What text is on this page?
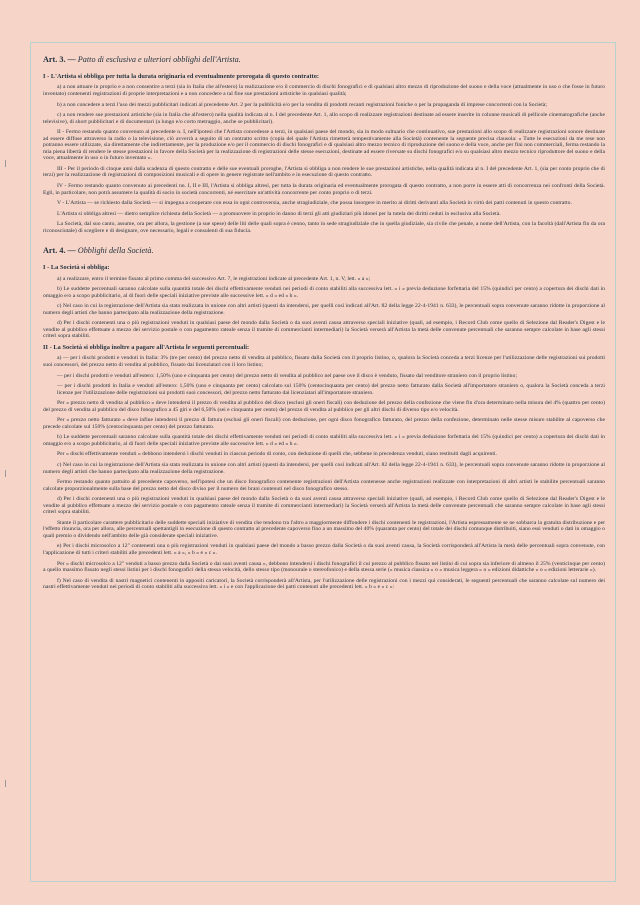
Art. 3. — Patto di esclusiva e ulteriori obblighi dell'Artista.
I - L'Artista si obbliga per tutta la durata originaria ed eventualmente prorogata di questo contratto:

a) a non attuare in proprio e a non consentire a terzi (sia in Italia che all'estero) la realizzazione e/o il commercio di dischi fonografici e di qualsiasi altro mezzo di riproduzione del suono e della voce (attualmente in uso o che fosse in futuro inventato) contenenti registrazioni di proprie interpretazioni e a non concedere a tal fine sue prestazioni artistiche in qualsiasi qualità;

b) a non concedere a terzi l'uso dei mezzi pubblicitari indicati al precedente Art. 2 per la pubblicità e/o per la vendita di prodotti recanti registrazioni foniche o per la propaganda di imprese concorrenti con la Società;

c) a non rendere sue prestazioni artistiche (sia in Italia che all'estero) nella qualità indicata al n. I del precedente Art. 1, allo scopo di realizzare registrazioni destinate ad essere inserite in colonne musicali di pellicole cinematografiche (anche televisive), di short pubblicitari e di documentari (a lungo e/o corto metraggio, anche se pubblicitari).

II - Fermo restando quanto convenuto al precedente n. I, nell'ipotesi che l'Artista concedesse a terzi, in qualsiasi paese del mondo, sia in modo sultuario che continuativo, sue prestazioni allo scopo di realizzare registrazioni sonore destinate ad essere diffuse attraverso la radio o la televisione, ciò avverrà a seguito di un contratto scritto (copia del quale l'Artista rimetterà tempestivamente alla Società) contenente la seguente precisa clausola: « Tutte le esecuzioni da me rese non potranno essere utilizzate, sia direttamente che indirettamente, per la produzione e/o per il commercio di dischi fonografici e di qualsiasi altro mezzo tecnico di riproduzione del suono e della voce, anche per fini non commerciali, ferma restando la mia piena libertà di rendere le stesse prestazioni in favore della Società per la realizzazione di registrazioni delle stesse esecuzioni, destinate ad essere riversate su dischi fonografici e/o su qualsiasi altro mezzo tecnico riproduttore del suono e della voce, attualmente in uso o in futuro inventato ».

III - Per il periodo di cinque anni dalla scadenza di questo contratto e delle sue eventuali proroghe, l'Artista si obbliga a non rendere le sue prestazioni artistiche, nella qualità indicata al n. I del precedente Art. 1, (sia per conto proprio che di terzi) per la realizzazione di registrazioni di composizioni musicali e di opere in genere registrate nell'ambito e in esecuzione di questo contratto.

IV - Fermo restando quanto convenuto ai precedenti nn. I, II e III, l'Artista si obbliga altresì, per tutta la durata originaria ed eventualmente prorogata di questo contratto, a non porre in essere atti di concorrenza nei confronti della Società. Egli, in particolare, non potrà assumere la qualità di socio in società concorrenti, né esercitare un'attività concorrente per conto proprio o di terzi.

V - L'Artista — se richiesto dalla Società — si impegna a cooperare con essa in ogni controversia, anche stragiudiziale, che possa insorgere in merito ai diritti derivanti alla Società in virtù dei patti contenuti in questo contratto.

L'Artista si obbliga altresì — dietro semplice richiesta della Società — a promuovere in proprio in danno di terzi gli atti giudiziari più idonei per la tutela dei diritti ceduti in esclusiva alla Società.

La Società, dal suo canto, assume, ora per allora, la gestione (a sue spese) delle liti delle quali sopra è cenno, tanto in sede stragiudiziale che in quella giudiziale, sia civile che penale, a nome dell'Artista, con la facoltà (dall'Artista fin da ora riconosciutale) di scegliere e di designare, ove necessario, legali e consulenti di sua fiducia.

Art. 4. — Obblighi della Società.
I - La Società si obbliga:

a) a realizzare, entro il termine fissato al primo comma del successivo Art. 7, le registrazioni indicate al precedente Art. 1, n. V, lett. « a »;

b) Le suddette percentuali saranno calcolate sulla quantità totale dei dischi effettivamente venduti nei periodi di conto stabiliti alla successiva lett. « i » previa deduzione forfettaria del 15% (quindici per cento) a copertura dei dischi dati in omaggio e/o a scopo pubblicitario, al di fuori delle speciali iniziative previste alle successive lett. « d » ed « h ».

c) Nel caso in cui la registrazione dell'Artista sia stata realizzata in unione con altri artisti (questi da intendersi, per quelli così indicati all'Art. 82 della legge 22-4-1941 n. 633), le percentuali sopra convenute saranno ridotte in proporzione al numero degli artisti che hanno partecipato alla realizzazione della registrazione.

d) Per i dischi contenenti una o più registrazioni venduti in qualsiasi paese del mondo dalla Società o da suoi aventi causa attraverso speciali iniziative (quali, ad esempio, i Record Club come quello di Selezione dal Reader's Digest e le vendite al pubblico effettuate a mezzo dei servizio postale o con pagamento rateale senza il tramite di commercianti intermediari) la Società verserà all'Artista la metà delle convenute percentuali che saranno sempre calcolate in base agli stessi criteri sopra stabiliti.

II - La Società si obbliga inoltre a pagare all'Artista le seguenti percentuali:

a) — per i dischi prodotti e venduti in Italia: 3% (tre per cento) del prezzo netto di vendita al pubblico, fissato dalla Società con il proprio listino, o, qualora la Società conceda a terzi licenze per l'utilizzazione delle registrazioni sui prodotti suoi concessori, del prezzo netto di vendita al pubblico, fissato dai licenziatari con il loro listino;

— per i dischi prodotti e venduti all'estero: 1,50% (uno e cinquanta per cento) del prezzo netto di vendita al pubblico nel paese ove il disco è venduto, fissato dal venditore straniero con il proprio listino;

— per i dischi prodotti in Italia e venduti all'estero: 1,50% (uno e cinquanta per cento) calcolato sul 150% (centocinquanta per cento) del prezzo netto fatturato dalla Società all'importatore straniero o, qualora la Società conceda a terzi licenze per l'utilizzazione delle registrazioni sui prodotti suoi concessori, del prezzo netto fatturato dai licenziatari all'importatore straniero.

Per « prezzo netto di vendita al pubblico » deve intendersi il prezzo di vendita al pubblico del disco (esclusi gli oneri fiscali) con deduzione del prezzo della confezione che viene fin d'ora determinato nella misura del 4% (quattro per cento) del prezzo di vendita al pubblico del disco fonografico a 45 giri e del 6,50% (sei e cinquanta per cento) del prezzo di vendita al pubblico per gli altri dischi di diverso tipo e/o velocità.

Per « prezzo netto fatturato » deve infine intendersi il prezzo di fattura (esclusi gli oneri fiscali) con deduzione, per ogni disco fonografico fatturato, del prezzo della confezione, determinato nelle stesse misure stabilite al capoverso che precede calcolate sul 150% (centocinquanta per cento) del prezzo fatturato.

b) Le suddette percentuali saranno calcolate sulla quantità totale dei dischi effettivamente venduti nei periodi di conto stabiliti alla successiva lett. « i » previa deduzione forfettaria del 15% (quindici per cento) a copertura dei dischi dati in omaggio e/o a scopo pubblicitario, al di fuori delle speciali iniziative previste alle successive lett. « d » ed « h ».

Per « dischi effettivamente venduti » debbono intendersi i dischi venduti in ciascun periodo di conto, con deduzione di quelli che, sebbene in precedenza venduti, siano restituiti dagli acquirenti.

c) Nel caso in cui la registrazione dell'Artista sia stata realizzata in unione con altri artisti (questi da intendersi, per quelli così indicati all'Art. 82 della legge 22-4-1941 n. 633), le percentuali sopra convenute saranno ridotte in proporzione al numero degli artisti che hanno partecipato alla realizzazione della registrazione.

Fermo restando quanto pattuito al precedente capoverso, nell'ipotesi che un disco fonografico contenente registrazioni dell'Artista contenesse anche registrazioni realizzate con interpretazioni di altri artisti le stabilite percentuali saranno calcolate proporzionalmente sulla base del prezzo netto del disco diviso per il numero dei brani contenuti nel disco fonografico stesso.

d) Per i dischi contenenti una o più registrazioni venduti in qualsiasi paese del mondo dalla Società o da suoi aventi causa attraverso speciali iniziative (quali, ad esempio, i Record Club come quello di Selezione dal Reader's Digest e le vendite al pubblico effettuate a mezzo dei servizio postale o con pagamento rateale senza il tramite di commercianti intermediari) la Società verserà all'Artista la metà delle convenute percentuali che saranno sempre calcolate in base agli stessi criteri sopra stabiliti.

Stante il particolare carattere pubblicitario delle suddette speciali iniziative di vendita che tendono tra l'altro a maggiormente diffondere i dischi contenenti le registrazioni, l'Artista espressamente se ne sobbarca la gratuita distribuzione e per l'effetto rinuncia, ora per allora, alle percentuali spettantigli in esecuzione di questo contratto al precedente capoverso fino a un massimo del 40% (quaranta per cento) del totale dei dischi comunque distribuiti, siano essi venduti o dati in omaggio o quali premio o dividendo nell'ambito delle già considerate speciali iniziative.

e) Per i dischi microsolco a 12" contenenti una o più registrazioni venduti in qualsiasi paese del mondo a basso prezzo dalla Società o da suoi aventi causa, la Società corrisponderà all'Artista la metà delle percentuali sopra convenute, con l'applicazione di tutti i criteri stabiliti alle precedenti lett. « a », « b » e « c ».

Per « dischi microsolco a 12" venduti a basso prezzo dalla Società o dai suoi aventi causa », debbono intendersi i dischi fonografici il cui prezzo al pubblico fissato nei listini di cui sopra sia inferiore di almeno il 25% (venticinque per cento) a quello massimo fissato negli stessi listini per i dischi fonografici della stessa velocità, dello stesso tipo (monourale o stereofonico) e della stessa serie (« musica classica » o « musica leggera » o « edizioni didattiche » o « edizioni letterarie »).

f) Nel caso di vendita di nastri magnetici contenenti in appositi caricatori, la Società corrisponderà all'Artista, per l'utilizzazione delle registrazioni con i mezzi qui considerati, le seguenti percentuali che saranno calcolate sul numero dei nastri effettivamente venduti nei periodi di conto stabiliti alla successiva lett. « i » e con l'applicazione dei patti contenuti alle precedenti lett. « b » e « c »:
